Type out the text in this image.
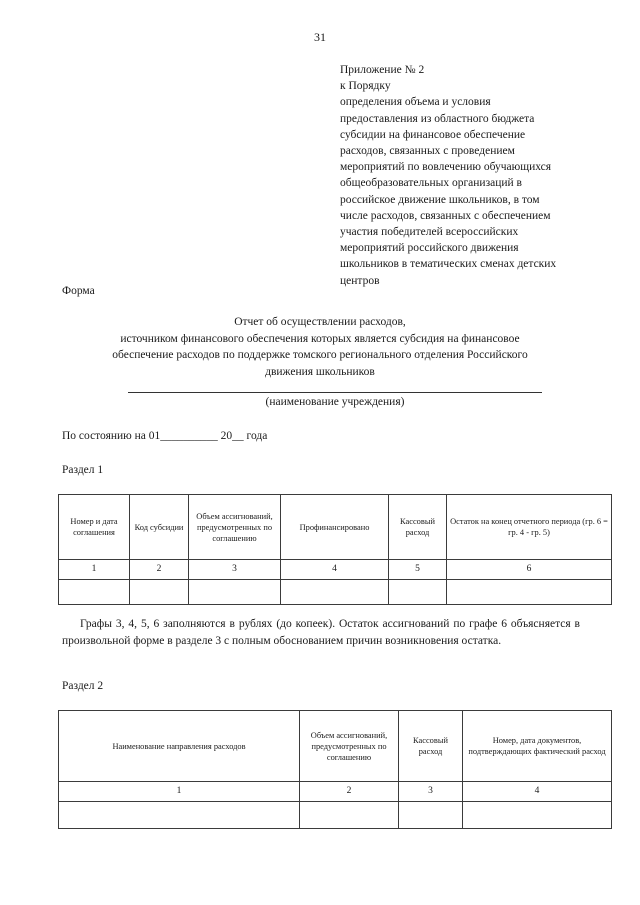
31
Приложение № 2
к Порядку
определения объема и условия
предоставления из областного бюджета
субсидии на финансовое обеспечение
расходов, связанных с проведением
мероприятий по вовлечению обучающихся
общеобразовательных организаций в
российское движение школьников, в том
числе расходов, связанных с обеспечением
участия победителей всероссийских
мероприятий российского движения
школьников в тематических сменах детских
центров
Форма
Отчет об осуществлении расходов,
источником финансового обеспечения которых является субсидия на финансовое
обеспечение расходов по поддержке томского регионального отделения Российского
движения школьников
(наименование учреждения)
По состоянию на 01__________ 20__ года
Раздел 1
Номер и дата соглашения	Код субсидии	Объем ассигнований, предусмотренных по соглашению	Профинансировано	Кассовый расход	Остаток на конец отчетного периода (гр. 6 = гр. 4 - гр. 5)
1	2	3	4	5	6

Графы 3, 4, 5, 6 заполняются в рублях (до копеек). Остаток ассигнований по графе 6 объясняется в произвольной форме в разделе 3 с полным обоснованием причин возникновения остатка.
Раздел 2
Наименование направления расходов	Объем ассигнований, предусмотренных по соглашению	Кассовый расход	Номер, дата документов, подтверждающих фактический расход
1	2	3	4
